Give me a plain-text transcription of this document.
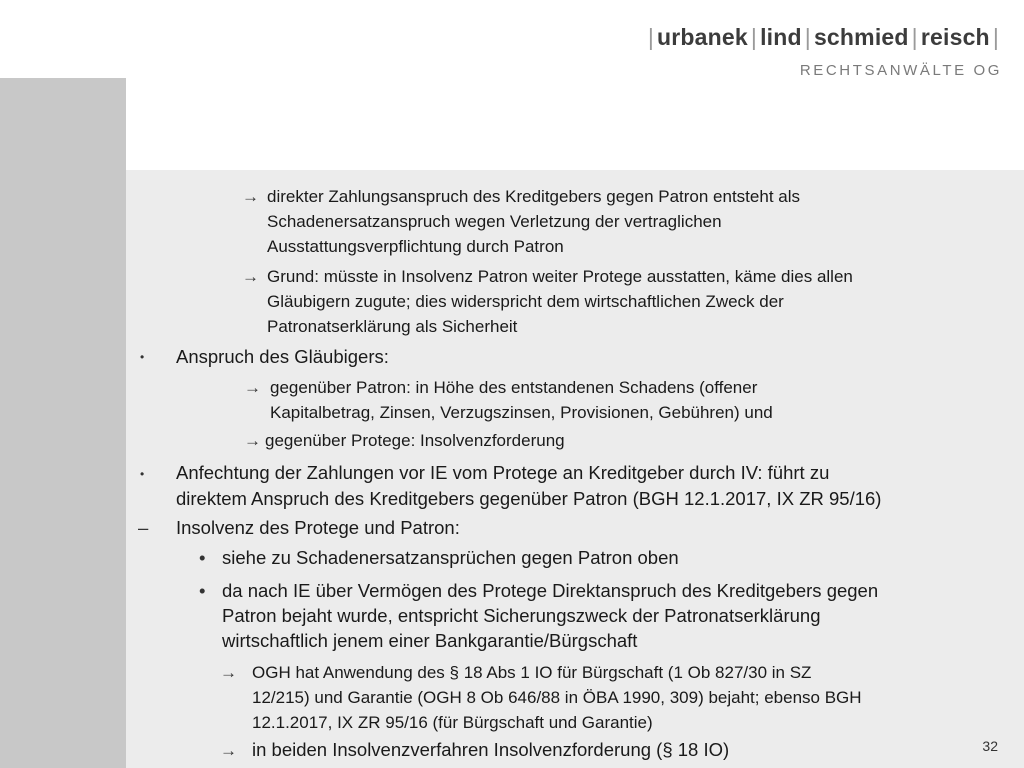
| urbanek | lind | schmied | reisch |
RECHTSANWÄLTE OG
→ direkter Zahlungsanspruch des Kreditgebers gegen Patron entsteht als
Schadenersatzanspruch wegen Verletzung der vertraglichen
Ausstattungsverpflichtung durch Patron
→ Grund: müsste in Insolvenz Patron weiter Protege ausstatten, käme dies allen
Gläubigern zugute; dies widerspricht dem wirtschaftlichen Zweck der
Patronatserklärung als Sicherheit
• Anspruch des Gläubigers:
→ gegenüber Patron: in Höhe des entstandenen Schadens (offener
Kapitalbetrag, Zinsen, Verzugszinsen, Provisionen, Gebühren) und
→ gegenüber Protege: Insolvenzforderung
• Anfechtung der Zahlungen vor IE vom Protege an Kreditgeber durch IV: führt zu
direktem Anspruch des Kreditgebers gegenüber Patron (BGH 12.1.2017, IX ZR 95/16)
– Insolvenz des Protege und Patron:
• siehe zu Schadenersatzansprüchen gegen Patron oben
• da nach IE über Vermögen des Protege Direktanspruch des Kreditgebers gegen
Patron bejaht wurde, entspricht Sicherungszweck der Patronatserklärung
wirtschaftlich jenem einer Bankgarantie/Bürgschaft
→ OGH hat Anwendung des § 18 Abs 1 IO für Bürgschaft (1 Ob 827/30 in SZ
12/215) und Garantie (OGH 8 Ob 646/88 in ÖBA 1990, 309) bejaht; ebenso BGH
12.1.2017, IX ZR 95/16 (für Bürgschaft und Garantie)
→ in beiden Insolvenzverfahren Insolvenzforderung (§ 18 IO)	32
